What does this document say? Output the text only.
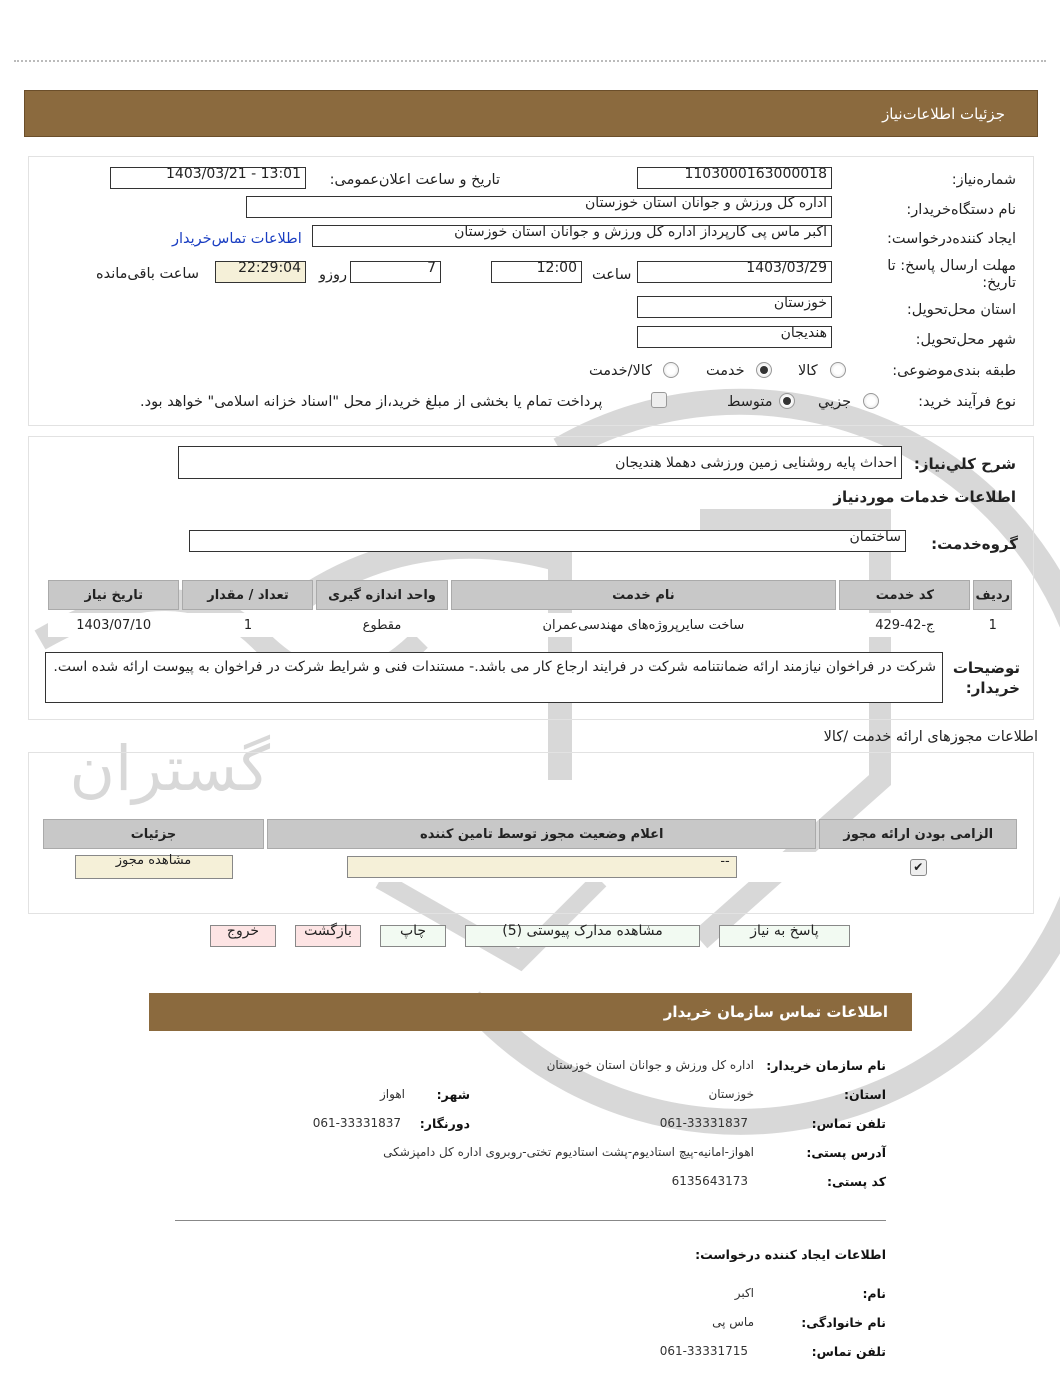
گستران
جزئیات اطلاعات‌نیاز
شماره‌نیاز:
1103000163000018
تاریخ و ساعت اعلان‌عمومی:
1403/03/21 - 13:01
نام دستگاه‌خریدار:
اداره کل ورزش و جوانان استان خوزستان
ایجاد کننده‌درخواست:
اکبر ماس پی کارپرداز اداره کل ورزش و جوانان استان خوزستان
اطلاعات تماس‌خریدار
مهلت ارسال پاسخ: تا تاریخ:
1403/03/29
ساعت
12:00
7
روزو
22:29:04
ساعت باقی‌مانده
استان محل‌تحویل:
خوزستان
شهر محل‌تحویل:
هندیجان
طبقه بندی‌موضوعی:
کالا
خدمت
کالا/خدمت
نوع فرآیند خرید:
جزیي
متوسط
پرداخت تمام یا بخشی از مبلغ خرید،از محل "اسناد خزانه اسلامی" خواهد بود.
شرح کلي‌نياز:
احداث پایه روشنایی زمین ورزشی دهملا هندیجان
اطلاعات خدمات موردنياز
گروه‌خدمت:
ساختمان
ردیف	کد خدمت	نام خدمت	واحد اندازه گیری	تعداد / مقدار	تاریخ نیاز
1	ج-42-429	ساخت سایرپروژه‌های مهندسی‌عمران	مقطوع	1	1403/07/10
توضیحات خریدار:
شرکت در فراخوان نیازمند ارائه ضمانتنامه شرکت در فرایند ارجاع کار می باشد.- مستندات فنی و شرایط شرکت در فراخوان به پیوست ارائه شده است.
اطلاعات مجوزهای ارائه خدمت /کالا
الزامی بودن ارائه مجوز	اعلام وضعیت مجوز توسط تامین کننده	جزئیات
✔	--	مشاهده مجوز
پاسخ به نیاز
مشاهده مدارک پیوستی (5)
چاپ
بازگشت
خروج
اطلاعات تماس سازمان خریدار
نام سازمان خریدار:
اداره کل ورزش و جوانان استان خوزستان
استان:
خوزستان
شهر:
اهواز
تلفن تماس:
061-33331837
دورنگار:
061-33331837
آدرس پستی:
اهواز-امانیه-پیچ استادیوم-پشت استادیوم تختی-روبروی اداره کل دامپزشکی
کد پستی:
6135643173
اطلاعات ایجاد کننده درخواست:
نام:
اکبر
نام خانوادگی:
ماس پی
تلفن تماس:
061-33331715
